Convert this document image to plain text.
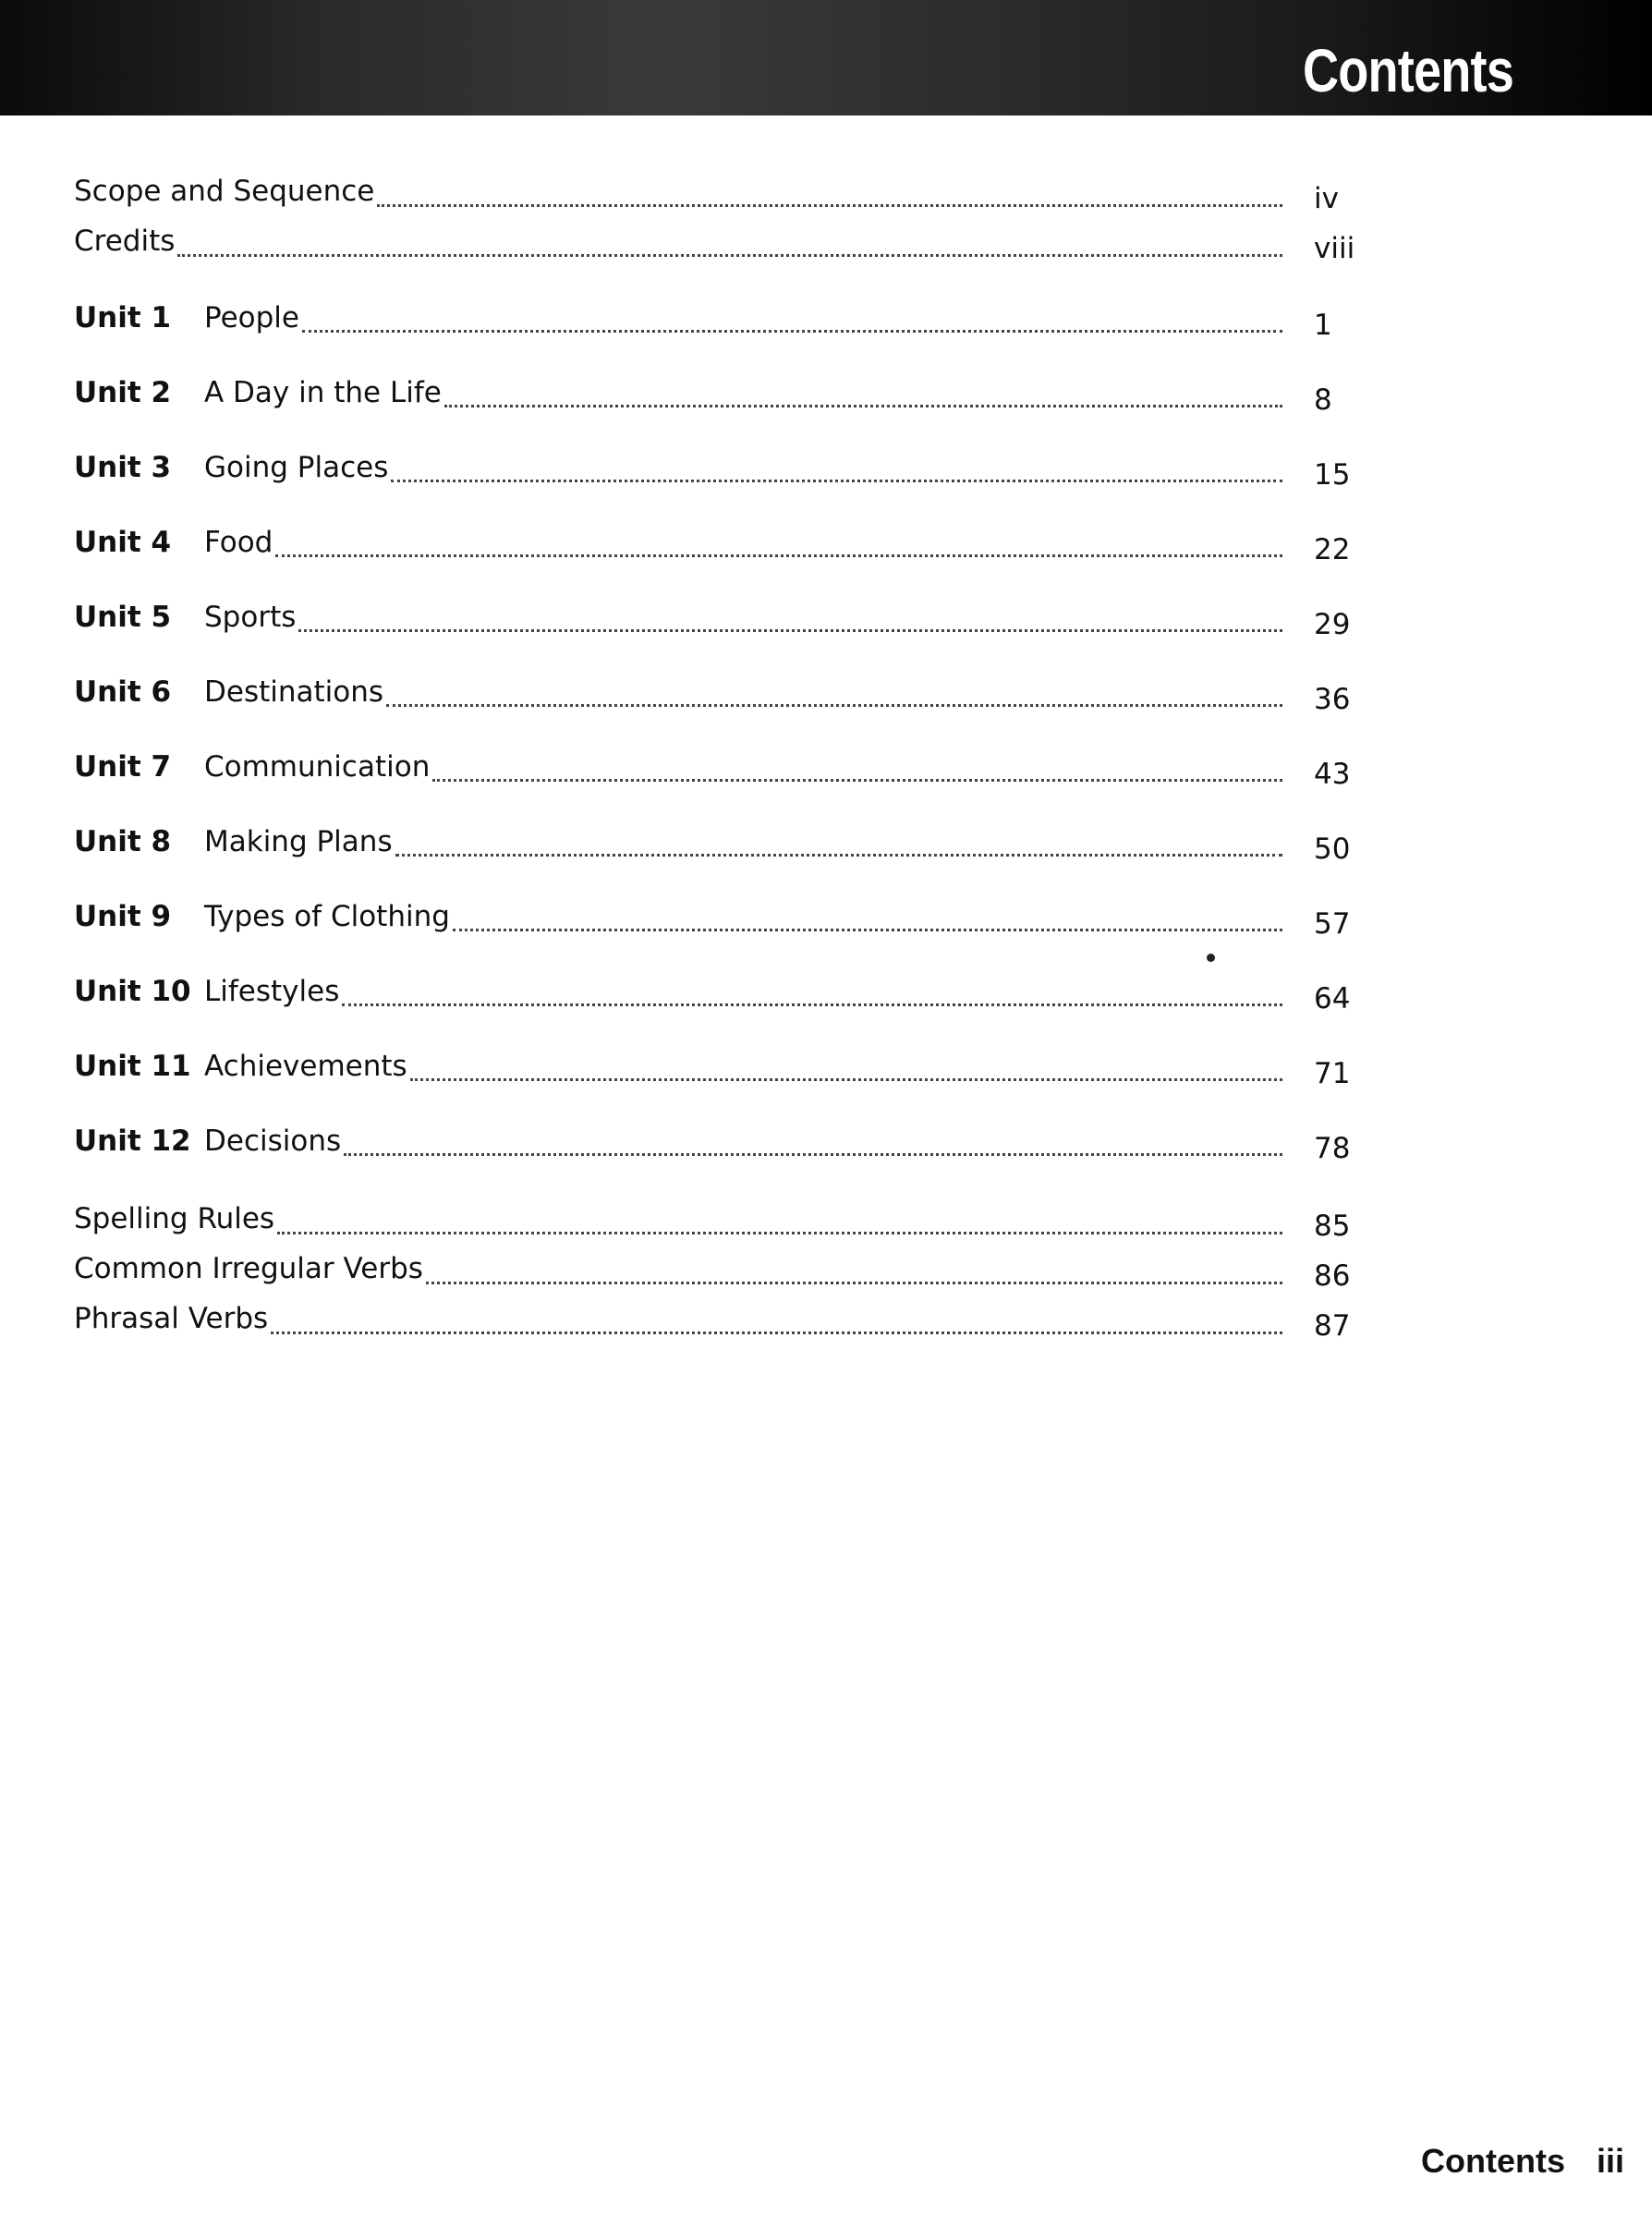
Contents
Scope and Sequence	iv
Credits	viii
Unit 1	People	1
Unit 2	A Day in the Life	8
Unit 3	Going Places	15
Unit 4	Food	22
Unit 5	Sports	29
Unit 6	Destinations	36
Unit 7	Communication	43
Unit 8	Making Plans	50
Unit 9	Types of Clothing	57
Unit 10 Lifestyles	64
Unit 11 Achievements	71
Unit 12 Decisions	78
Spelling Rules	85
Common Irregular Verbs	86
Phrasal Verbs	87
Contents iii
